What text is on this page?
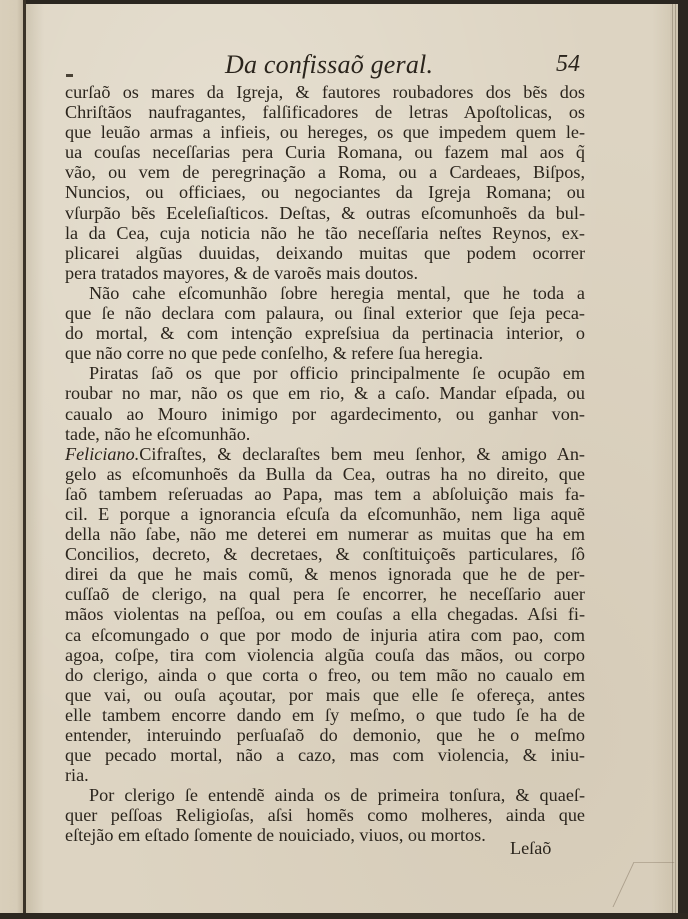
Da confissaõ geral.	54
curſaõ os mares da Igreja, & fautores roubadores dos bẽs dos
Chriſtãos naufragantes, falſificadores de letras Apoſtolicas, os
que leuão armas a infieis, ou hereges, os que impedem quem le-
ua couſas neceſſarias pera Curia Romana, ou fazem mal aos q̃
vão, ou vem de peregrinação a Roma, ou a Cardeaes, Biſpos,
Nuncios, ou officiaes, ou negociantes da Igreja Romana; ou
vſurpão bẽs Eceleſiaſticos. Deſtas, & outras eſcomunhoẽs da bul-
la da Cea, cuja noticia não he tão neceſſaria neſtes Reynos, ex-
plicarei algũas duuidas, deixando muitas que podem ocorrer
pera tratados mayores, & de varoẽs mais doutos.
Não cahe eſcomunhão ſobre heregia mental, que he toda a
que ſe não declara com palaura, ou ſinal exterior que ſeja peca-
do mortal, & com intenção expreſsiua da pertinacia interior, o
que não corre no que pede conſelho, & refere ſua heregia.
Piratas ſaõ os que por officio principalmente ſe ocupão em
roubar no mar, não os que em rio, & a caſo. Mandar eſpada, ou
caualo ao Mouro inimigo por agardecimento, ou ganhar von-
tade, não he eſcomunhão.
Feliciano.Cifraſtes, & declaraſtes bem meu ſenhor, & amigo An-
gelo as eſcomunhoẽs da Bulla da Cea, outras ha no direito, que
ſaõ tambem reſeruadas ao Papa, mas tem a abſoluição mais fa-
cil. E porque a ignorancia eſcuſa da eſcomunhão, nem liga aquẽ
della não ſabe, não me deterei em numerar as muitas que ha em
Concilios, decreto, & decretaes, & conſtituiçoẽs particulares, ſô
direi da que he mais comũ, & menos ignorada que he de per-
cuſſaõ de clerigo, na qual pera ſe encorrer, he neceſſario auer
mãos violentas na peſſoa, ou em couſas a ella chegadas. Aſsi fi-
ca eſcomungado o que por modo de injuria atira com pao, com
agoa, coſpe, tira com violencia algũa couſa das mãos, ou corpo
do clerigo, ainda o que corta o freo, ou tem mão no caualo em
que vai, ou ouſa açoutar, por mais que elle ſe ofereça, antes
elle tambem encorre dando em ſy meſmo, o que tudo ſe ha de
entender, interuindo perſuaſaõ do demonio, que he o meſmo
que pecado mortal, não a cazo, mas com violencia, & iniu-
ria.
Por clerigo ſe entendẽ ainda os de primeira tonſura, & quaeſ-
quer peſſoas Religioſas, aſsi homẽs como molheres, ainda que
eſtejão em eſtado ſomente de nouiciado, viuos, ou mortos.
Leſaõ
